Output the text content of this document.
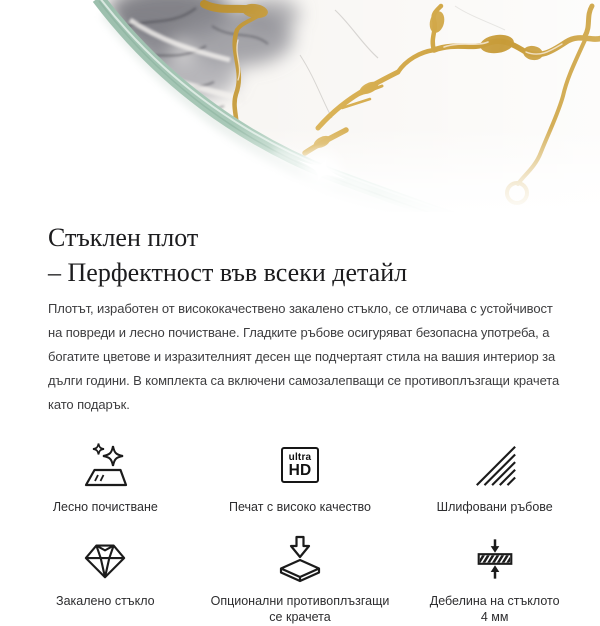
Стъклен плот
– Перфектност във всеки детайл

Плотът, изработен от висококачествено закалено стъкло, се отличава с устойчивост на повреди и лесно почистване. Гладките ръбове осигуряват безопасна употреба, а богатите цветове и изразителният десен ще подчертаят стила на вашия интериор за дълги години. В комплекта са включени самозалепващи се противоплъзгащи крачета като подарък.

Лесно почистване
ultra
HD
Печат с високо качество	Шлифовани ръбове
Закалено стъкло	Опционални противоплъзгащи се крачета
Дебелина на стъклото 4 мм
